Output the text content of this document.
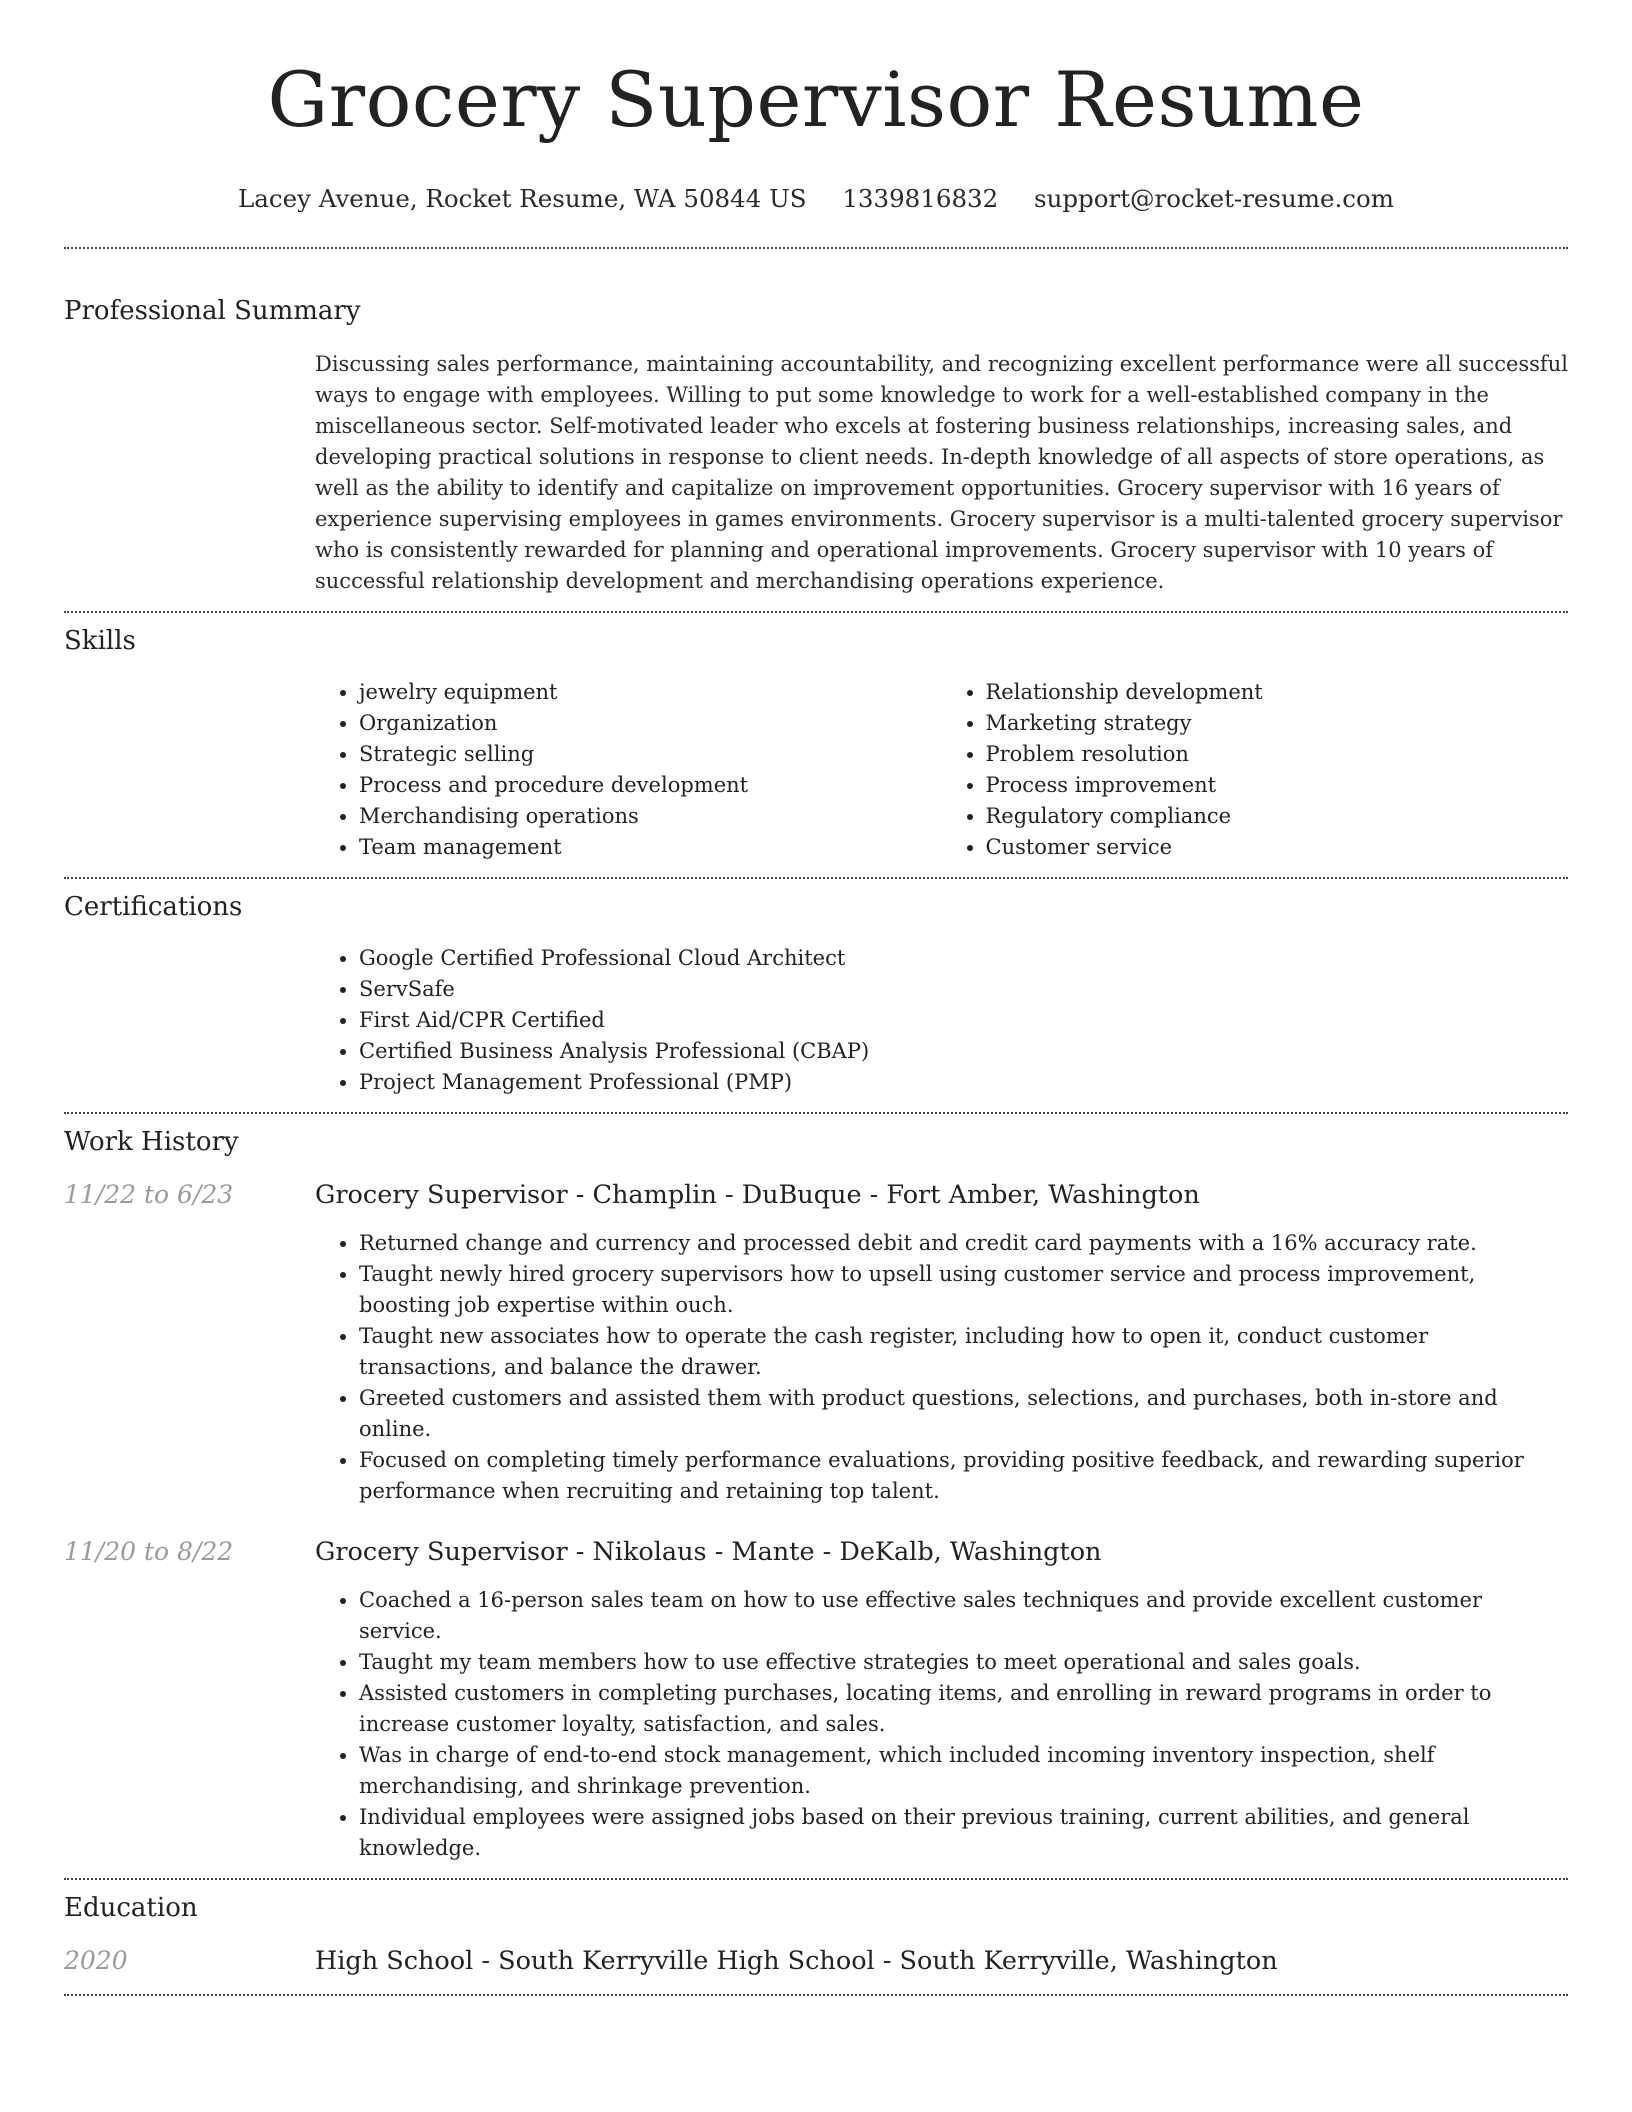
Grocery Supervisor Resume
Lacey Avenue, Rocket Resume, WA 50844 US 1339816832 support@rocket-resume.com
Professional Summary
Discussing sales performance, maintaining accountability, and recognizing excellent performance were all successful ways to engage with employees. Willing to put some knowledge to work for a well-established company in the miscellaneous sector. Self-motivated leader who excels at fostering business relationships, increasing sales, and developing practical solutions in response to client needs. In-depth knowledge of all aspects of store operations, as well as the ability to identify and capitalize on improvement opportunities. Grocery supervisor with 16 years of experience supervising employees in games environments. Grocery supervisor is a multi-talented grocery supervisor who is consistently rewarded for planning and operational improvements. Grocery supervisor with 10 years of successful relationship development and merchandising operations experience.
Skills
• jewelry equipment
• Organization
• Strategic selling
• Process and procedure development
• Merchandising operations
• Team management
• Relationship development
• Marketing strategy
• Problem resolution
• Process improvement
• Regulatory compliance
• Customer service
Certifications
• Google Certified Professional Cloud Architect
• ServSafe
• First Aid/CPR Certified
• Certified Business Analysis Professional (CBAP)
• Project Management Professional (PMP)
Work History
11/22 to 6/23	Grocery Supervisor - Champlin - DuBuque - Fort Amber, Washington
• Returned change and currency and processed debit and credit card payments with a 16% accuracy rate.
• Taught newly hired grocery supervisors how to upsell using customer service and process improvement, boosting job expertise within ouch.
• Taught new associates how to operate the cash register, including how to open it, conduct customer transactions, and balance the drawer.
• Greeted customers and assisted them with product questions, selections, and purchases, both in-store and online.
• Focused on completing timely performance evaluations, providing positive feedback, and rewarding superior performance when recruiting and retaining top talent.
11/20 to 8/22	Grocery Supervisor - Nikolaus - Mante - DeKalb, Washington
• Coached a 16-person sales team on how to use effective sales techniques and provide excellent customer service.
• Taught my team members how to use effective strategies to meet operational and sales goals.
• Assisted customers in completing purchases, locating items, and enrolling in reward programs in order to increase customer loyalty, satisfaction, and sales.
• Was in charge of end-to-end stock management, which included incoming inventory inspection, shelf merchandising, and shrinkage prevention.
• Individual employees were assigned jobs based on their previous training, current abilities, and general knowledge.
Education
2020	High School - South Kerryville High School - South Kerryville, Washington
